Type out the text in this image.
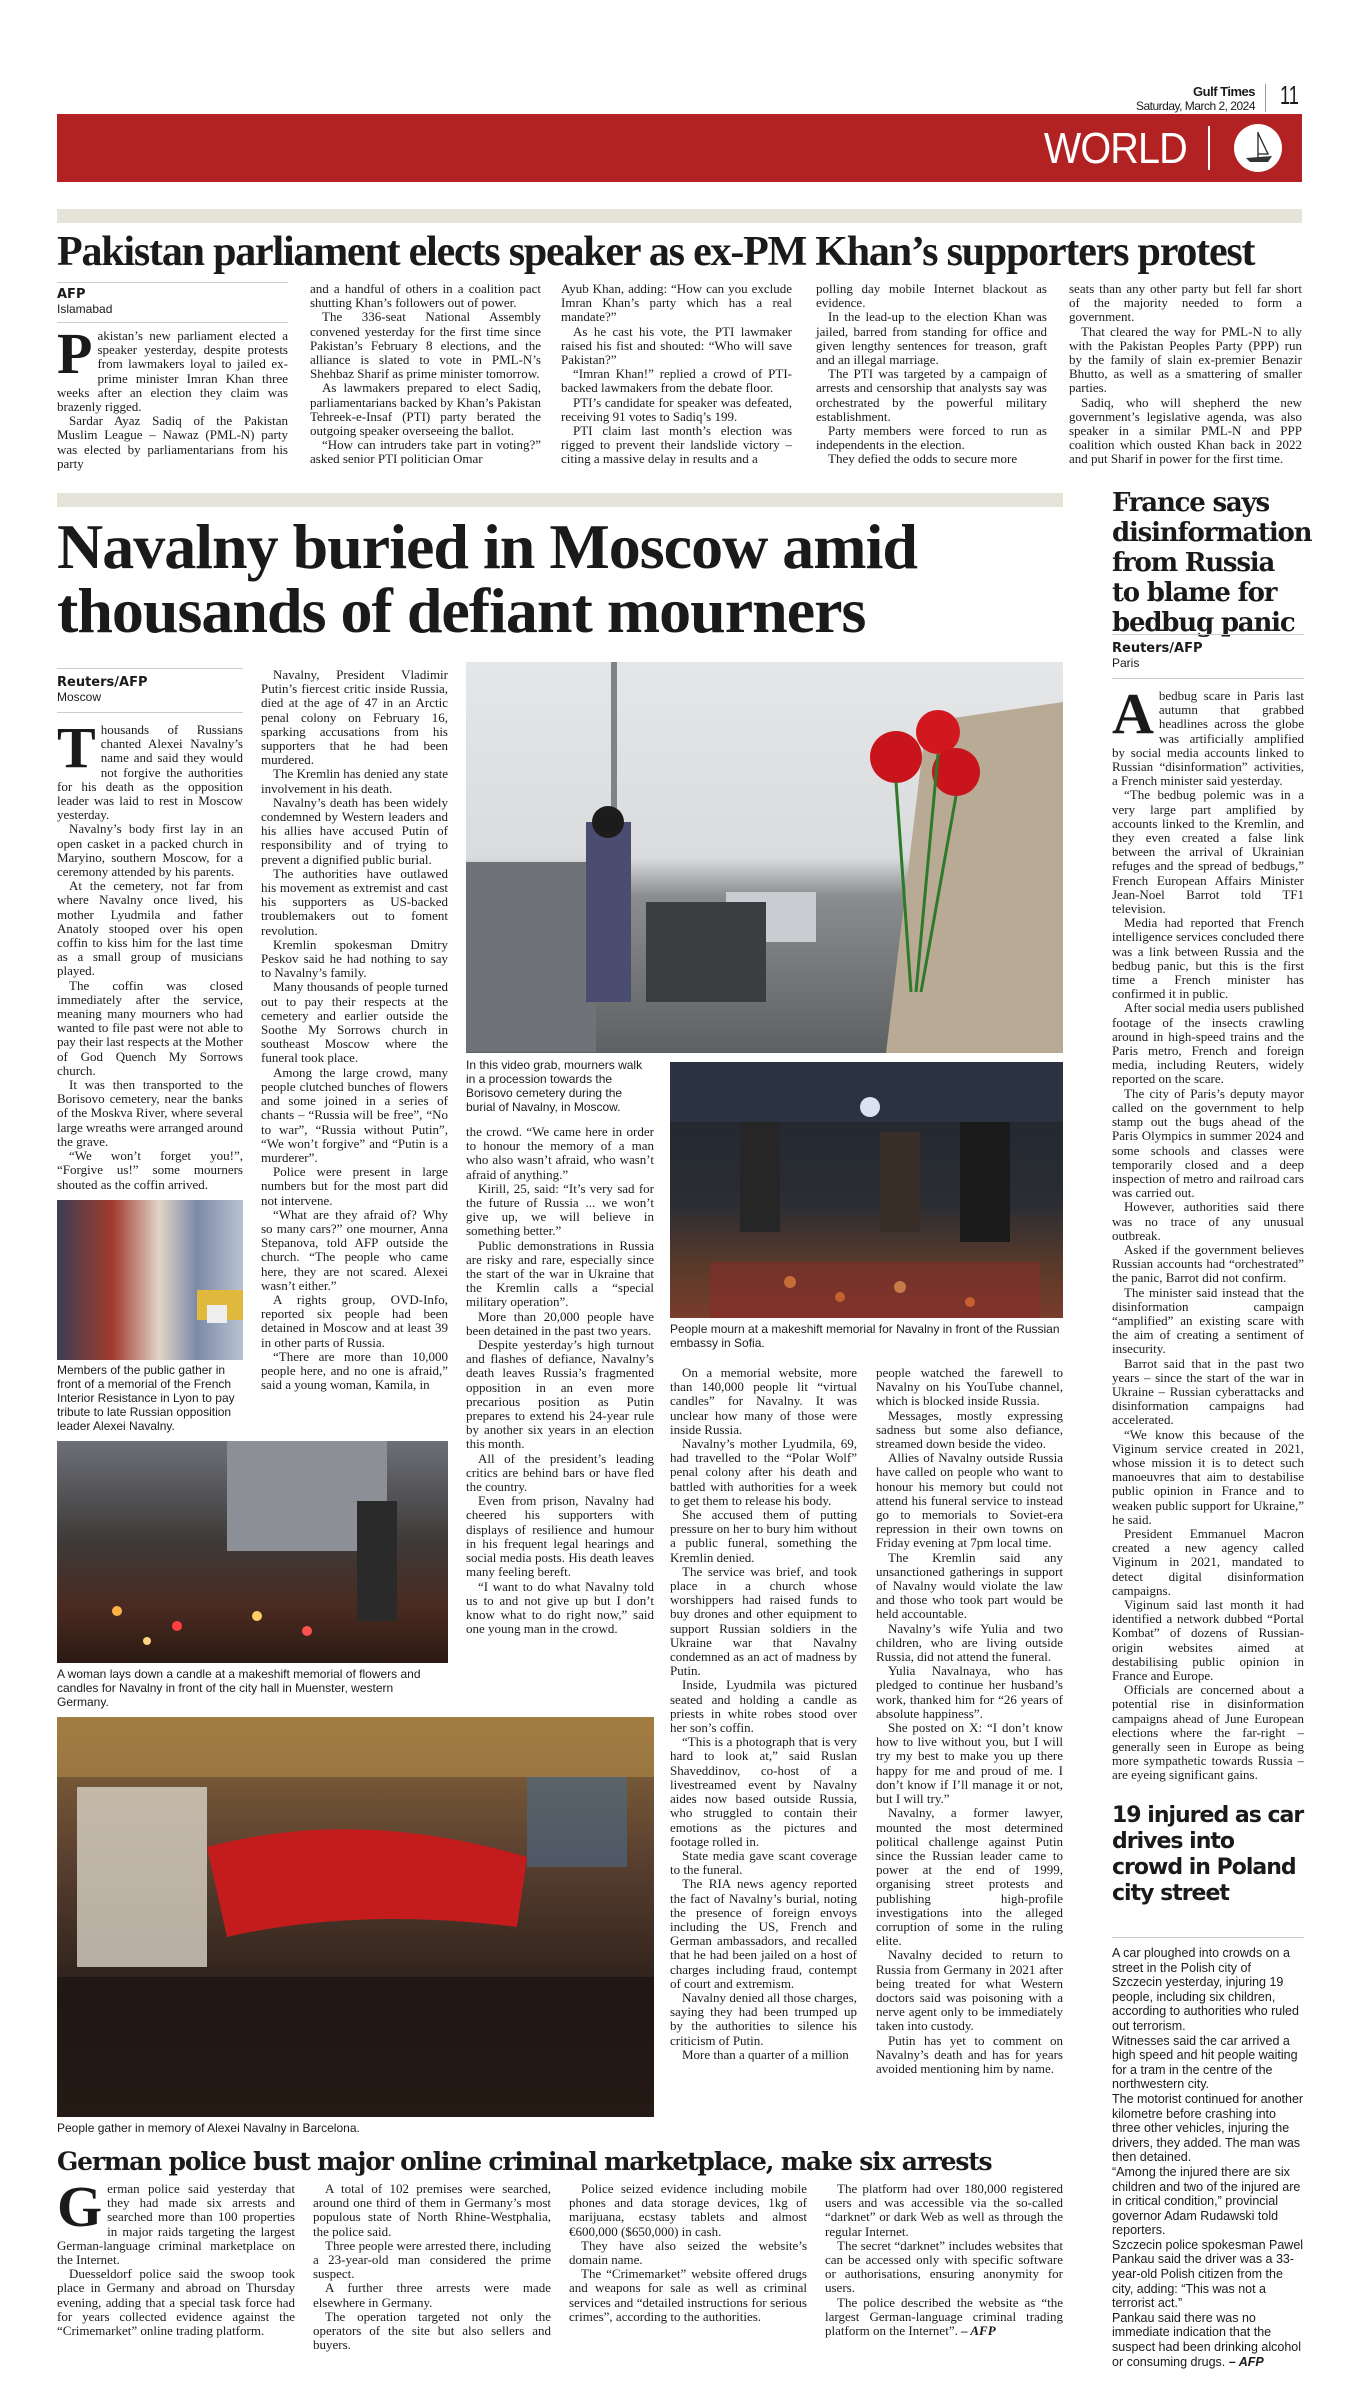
Gulf Times
Saturday, March 2, 2024 11
WORLD
Pakistan parliament elects speaker as ex-PM Khan’s supporters protest
AFP
Islamabad

Pakistan’s new parliament elected a speaker yesterday, despite protests from lawmakers loyal to jailed ex-prime minister Imran Khan three weeks after an election they claim was brazenly rigged.

Sardar Ayaz Sadiq of the Pakistan Muslim League – Nawaz (PML-N) party was elected by parliamentarians from his party

and a handful of others in a coalition pact shutting Khan’s followers out of power.

The 336-seat National Assembly convened yesterday for the first time since Pakistan’s February 8 elections, and the alliance is slated to vote in PML-N’s Shehbaz Sharif as prime minister tomorrow.

As lawmakers prepared to elect Sadiq, parliamentarians backed by Khan’s Pakistan Tehreek-e-Insaf (PTI) party berated the outgoing speaker overseeing the ballot.

“How can intruders take part in voting?” asked senior PTI politician Omar

Ayub Khan, adding: “How can you exclude Imran Khan’s party which has a real mandate?”

As he cast his vote, the PTI lawmaker raised his fist and shouted: “Who will save Pakistan?”

“Imran Khan!” replied a crowd of PTI-backed lawmakers from the debate floor.

PTI’s candidate for speaker was defeated, receiving 91 votes to Sadiq’s 199.

PTI claim last month’s election was rigged to prevent their landslide victory – citing a massive delay in results and a

polling day mobile Internet blackout as evidence.

In the lead-up to the election Khan was jailed, barred from standing for office and given lengthy sentences for treason, graft and an illegal marriage.

The PTI was targeted by a campaign of arrests and censorship that analysts say was orchestrated by the powerful military establishment.

Party members were forced to run as independents in the election.

They defied the odds to secure more

seats than any other party but fell far short of the majority needed to form a government.

That cleared the way for PML-N to ally with the Pakistan Peoples Party (PPP) run by the family of slain ex-premier Benazir Bhutto, as well as a smattering of smaller parties.

Sadiq, who will shepherd the new government’s legislative agenda, was also speaker in a similar PML-N and PPP coalition which ousted Khan back in 2022 and put Sharif in power for the first time.

Navalny buried in Moscow amid thousands of defiant mourners
Reuters/AFP
Moscow

Thousands of Russians chanted Alexei Navalny’s name and said they would not forgive the authorities for his death as the opposition leader was laid to rest in Moscow yesterday.

Navalny’s body first lay in an open casket in a packed church in Maryino, southern Moscow, for a ceremony attended by his parents.

At the cemetery, not far from where Navalny once lived, his mother Lyudmila and father Anatoly stooped over his open coffin to kiss him for the last time as a small group of musicians played.

The coffin was closed immediately after the service, meaning many mourners who had wanted to file past were not able to pay their last respects at the Mother of God Quench My Sorrows church.

It was then transported to the Borisovo cemetery, near the banks of the Moskva River, where several large wreaths were arranged around the grave.

“We won’t forget you!”, “Forgive us!” some mourners shouted as the coffin arrived.

Navalny, President Vladimir Putin’s fiercest critic inside Russia, died at the age of 47 in an Arctic penal colony on February 16, sparking accusations from his supporters that he had been murdered.

The Kremlin has denied any state involvement in his death.

Navalny’s death has been widely condemned by Western leaders and his allies have accused Putin of responsibility and of trying to prevent a dignified public burial.

The authorities have outlawed his movement as extremist and cast his supporters as US-backed troublemakers out to foment revolution.

Kremlin spokesman Dmitry Peskov said he had nothing to say to Navalny’s family.

Many thousands of people turned out to pay their respects at the cemetery and earlier outside the Soothe My Sorrows church in southeast Moscow where the funeral took place.

Among the large crowd, many people clutched bunches of flowers and some joined in a series of chants – “Russia will be free”, “No to war”, “Russia without Putin”, “We won’t forgive” and “Putin is a murderer”.

Police were present in large numbers but for the most part did not intervene.

“What are they afraid of? Why so many cars?” one mourner, Anna Stepanova, told AFP outside the church. “The people who came here, they are not scared. Alexei wasn’t either.”

A rights group, OVD-Info, reported six people had been detained in Moscow and at least 39 in other parts of Russia.

“There are more than 10,000 people here, and no one is afraid,” said a young woman, Kamila, in

the crowd. “We came here in order to honour the memory of a man who also wasn’t afraid, who wasn’t afraid of anything.”

Kirill, 25, said: “It’s very sad for the future of Russia ... we won’t give up, we will believe in something better.”

Public demonstrations in Russia are risky and rare, especially since the start of the war in Ukraine that the Kremlin calls a “special military operation”.

More than 20,000 people have been detained in the past two years.

Despite yesterday’s high turnout and flashes of defiance, Navalny’s death leaves Russia’s fragmented opposition in an even more precarious position as Putin prepares to extend his 24-year rule by another six years in an election this month.

All of the president’s leading critics are behind bars or have fled the country.

Even from prison, Navalny had cheered his supporters with displays of resilience and humour in his frequent legal hearings and social media posts. His death leaves many feeling bereft.

“I want to do what Navalny told us to and not give up but I don’t know what to do right now,” said one young man in the crowd.

On a memorial website, more than 140,000 people lit “virtual candles” for Navalny. It was unclear how many of those were inside Russia.

Navalny’s mother Lyudmila, 69, had travelled to the “Polar Wolf” penal colony after his death and battled with authorities for a week to get them to release his body.

She accused them of putting pressure on her to bury him without a public funeral, something the Kremlin denied.

The service was brief, and took place in a church whose worshippers had raised funds to buy drones and other equipment to support Russian soldiers in the Ukraine war that Navalny condemned as an act of madness by Putin.

Inside, Lyudmila was pictured seated and holding a candle as priests in white robes stood over her son’s coffin.

“This is a photograph that is very hard to look at,” said Ruslan Shaveddinov, co-host of a livestreamed event by Navalny aides now based outside Russia, who struggled to contain their emotions as the pictures and footage rolled in.

State media gave scant coverage to the funeral.

The RIA news agency reported the fact of Navalny’s burial, noting the presence of foreign envoys including the US, French and German ambassadors, and recalled that he had been jailed on a host of charges including fraud, contempt of court and extremism.

Navalny denied all those charges, saying they had been trumped up by the authorities to silence his criticism of Putin.

More than a quarter of a million

people watched the farewell to Navalny on his YouTube channel, which is blocked inside Russia.

Messages, mostly expressing sadness but some also defiance, streamed down beside the video.

Allies of Navalny outside Russia have called on people who want to honour his memory but could not attend his funeral service to instead go to memorials to Soviet-era repression in their own towns on Friday evening at 7pm local time.

The Kremlin said any unsanctioned gatherings in support of Navalny would violate the law and those who took part would be held accountable.

Navalny’s wife Yulia and two children, who are living outside Russia, did not attend the funeral.

Yulia Navalnaya, who has pledged to continue her husband’s work, thanked him for “26 years of absolute happiness”.

She posted on X: “I don’t know how to live without you, but I will try my best to make you up there happy for me and proud of me. I don’t know if I’ll manage it or not, but I will try.”

Navalny, a former lawyer, mounted the most determined political challenge against Putin since the Russian leader came to power at the end of 1999, organising street protests and publishing high-profile investigations into the alleged corruption of some in the ruling elite.

Navalny decided to return to Russia from Germany in 2021 after being treated for what Western doctors said was poisoning with a nerve agent only to be immediately taken into custody.

Putin has yet to comment on Navalny’s death and has for years avoided mentioning him by name.

In this video grab, mourners walk in a procession towards the Borisovo cemetery during the burial of Navalny, in Moscow.
People mourn at a makeshift memorial for Navalny in front of the Russian embassy in Sofia.
Members of the public gather in front of a memorial of the French Interior Resistance in Lyon to pay tribute to late Russian opposition leader Alexei Navalny.
A woman lays down a candle at a makeshift memorial of flowers and candles for Navalny in front of the city hall in Muenster, western Germany.
People gather in memory of Alexei Navalny in Barcelona.
France says disinformation from Russia to blame for bedbug panic
Reuters/AFP
Paris

Abedbug scare in Paris last autumn that grabbed headlines across the globe was artificially amplified by social media accounts linked to Russian “disinformation” activities, a French minister said yesterday.

“The bedbug polemic was in a very large part amplified by accounts linked to the Kremlin, and they even created a false link between the arrival of Ukrainian refuges and the spread of bedbugs,” French European Affairs Minister Jean-Noel Barrot told TF1 television.

Media had reported that French intelligence services concluded there was a link between Russia and the bedbug panic, but this is the first time a French minister has confirmed it in public.

After social media users published footage of the insects crawling around in high-speed trains and the Paris metro, French and foreign media, including Reuters, widely reported on the scare.

The city of Paris’s deputy mayor called on the government to help stamp out the bugs ahead of the Paris Olympics in summer 2024 and some schools and classes were temporarily closed and a deep inspection of metro and railroad cars was carried out.

However, authorities said there was no trace of any unusual outbreak.

Asked if the government believes Russian accounts had “orchestrated” the panic, Barrot did not confirm.

The minister said instead that the disinformation campaign “amplified” an existing scare with the aim of creating a sentiment of insecurity.

Barrot said that in the past two years – since the start of the war in Ukraine – Russian cyberattacks and disinformation campaigns had accelerated.

“We know this because of the Viginum service created in 2021, whose mission it is to detect such manoeuvres that aim to destabilise public opinion in France and to weaken public support for Ukraine,” he said.

President Emmanuel Macron created a new agency called Viginum in 2021, mandated to detect digital disinformation campaigns.

Viginum said last month it had identified a network dubbed “Portal Kombat” of dozens of Russian-origin websites aimed at destabilising public opinion in France and Europe.

Officials are concerned about a potential rise in disinformation campaigns ahead of June European elections where the far-right – generally seen in Europe as being more sympathetic towards Russia – are eyeing significant gains.

19 injured as car drives into crowd in Poland city street

A car ploughed into crowds on a street in the Polish city of Szczecin yesterday, injuring 19 people, including six children, according to authorities who ruled out terrorism.

Witnesses said the car arrived a high speed and hit people waiting for a tram in the centre of the northwestern city.

The motorist continued for another kilometre before crashing into three other vehicles, injuring the drivers, they added. The man was then detained.

“Among the injured there are six children and two of the injured are in critical condition,” provincial governor Adam Rudawski told reporters.

Szczecin police spokesman Pawel Pankau said the driver was a 33-year-old Polish citizen from the city, adding: “This was not a terrorist act.”

Pankau said there was no immediate indication that the suspect had been drinking alcohol or consuming drugs. – AFP

German police bust major online criminal marketplace, make six arrests

German police said yesterday that they had made six arrests and searched more than 100 properties in major raids targeting the largest German-language criminal marketplace on the Internet.

Duesseldorf police said the swoop took place in Germany and abroad on Thursday evening, adding that a special task force had for years collected evidence against the “Crimemarket” online trading platform.

A total of 102 premises were searched, around one third of them in Germany’s most populous state of North Rhine-Westphalia, the police said.

Three people were arrested there, including a 23-year-old man considered the prime suspect.

A further three arrests were made elsewhere in Germany.

The operation targeted not only the operators of the site but also sellers and buyers.

Police seized evidence including mobile phones and data storage devices, 1kg of marijuana, ecstasy tablets and almost €600,000 ($650,000) in cash.

They have also seized the website’s domain name.

The “Crimemarket” website offered drugs and weapons for sale as well as criminal services and “detailed instructions for serious crimes”, according to the authorities.

The platform had over 180,000 registered users and was accessible via the so-called “darknet” or dark Web as well as through the regular Internet.

The secret “darknet” includes websites that can be accessed only with specific software or authorisations, ensuring anonymity for users.

The police described the website as “the largest German-language criminal trading platform on the Internet”. – AFP
